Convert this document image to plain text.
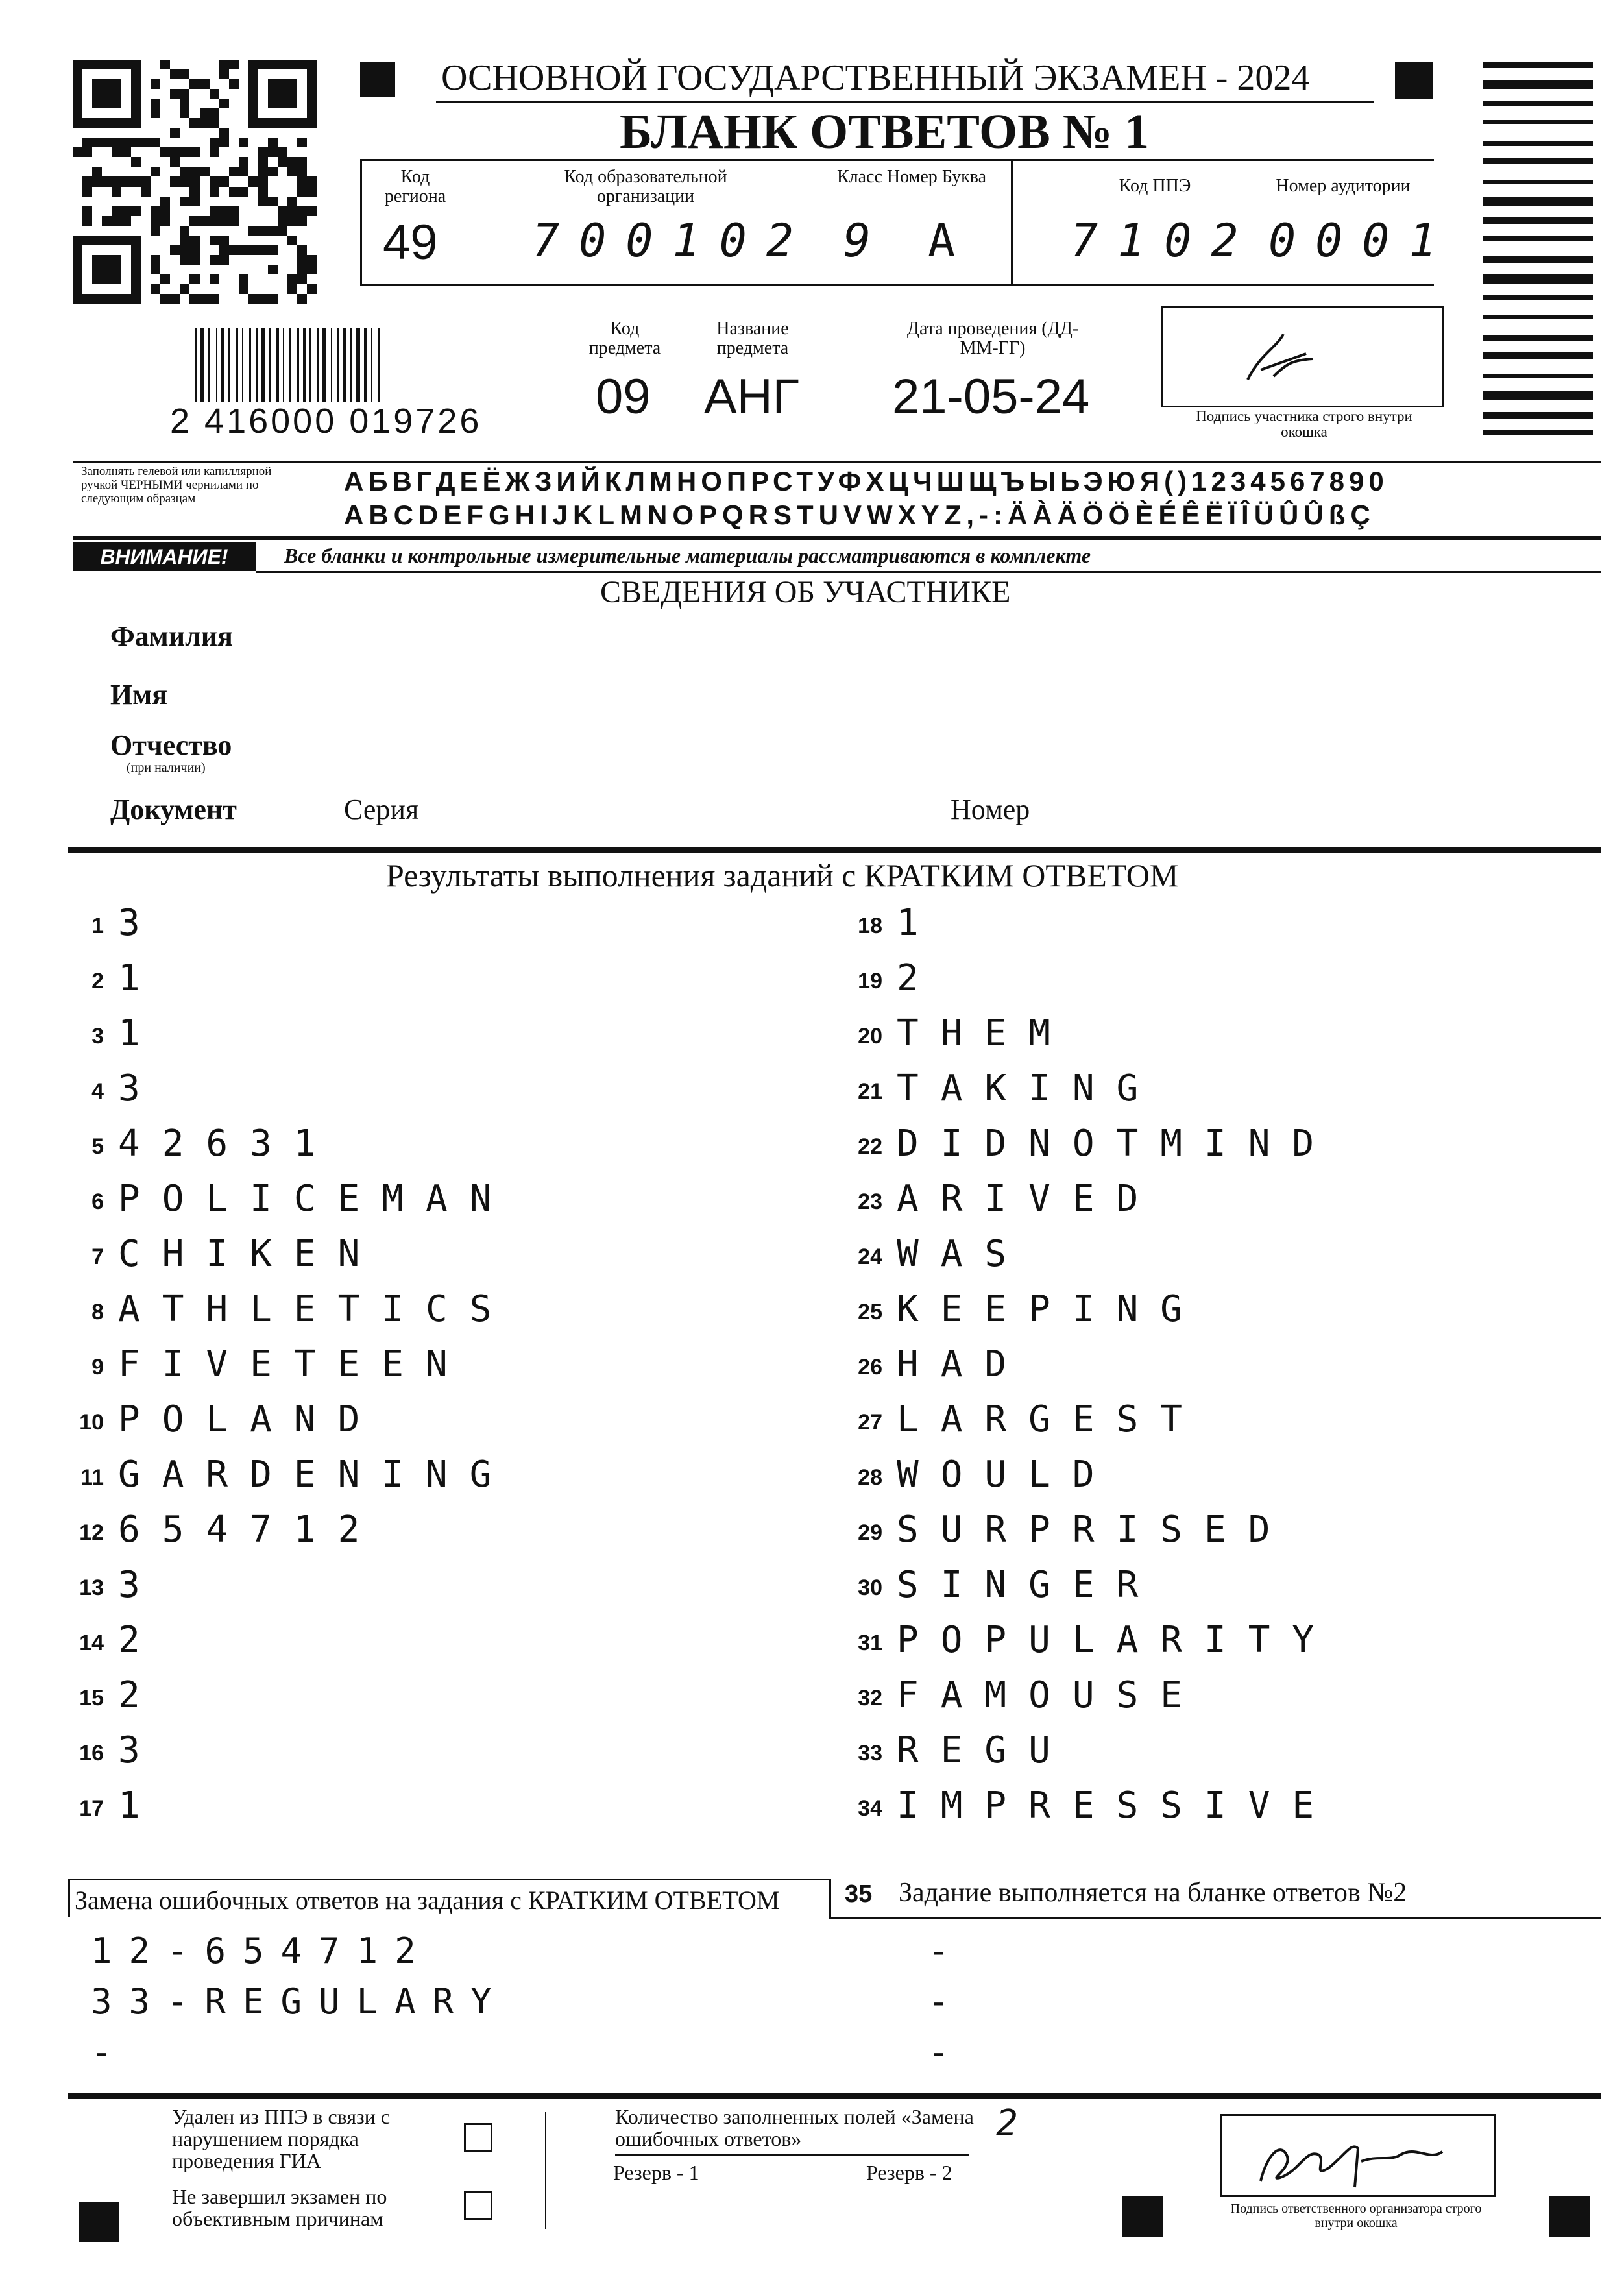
ОСНОВНОЙ ГОСУДАРСТВЕННЫЙ ЭКЗАМЕН - 2024
БЛАНК ОТВЕТОВ № 1
Код региона
Код образовательной организации
Класс Номер Буква	Код ППЭ	Номер аудитории
49 700102 9 А 7102 0001
2 416000 019726
Код предмета
Название предмета
Дата проведения (ДД-ММ-ГГ)
09 АНГ 21-05-24	Подпись участника строго внутри окошка
Заполнять гелевой или капиллярной ручкой ЧЕРНЫМИ чернилами по следующим образцам
АБВГДЕЁЖЗИЙКЛМНОПРСТУФХЦЧШЩЪЫЬЭЮЯ()1234567890
ABCDEFGHIJKLMNOPQRSTUVWXYZ,-:ÄÀÄÖÖÈÉÊËÏÎÜÛÛßÇ
ВНИМАНИЕ!	Все бланки и контрольные измерительные материалы рассматриваются в комплекте
СВЕДЕНИЯ ОБ УЧАСТНИКЕ
Фамилия
Имя
Отчество
(при наличии)
Документ	Серия	Номер
Результаты выполнения заданий с КРАТКИМ ОТВЕТОМ
1 3
2 1
3 1
4 3
5 42631
6 POLICEMAN
7 CHIKEN
8 ATHLETICS
9 FIVETEEN
10 POLAND
11 GARDENING
12 654712
13 3
14 2
15 2
16 3
17 1
18 1
19 2
20 THEM
21 TAKING
22 DIDNOTMIND
23 ARIVED
24 WAS
25 KEEPING
26 HAD
27 LARGEST
28 WOULD
29 SURPRISED
30 SINGER
31 POPULARITY
32 FAMOUSE
33 REGU
34 IMPRESSIVE
Замена ошибочных ответов на задания с КРАТКИМ ОТВЕТОМ	35 Задание выполняется на бланке ответов №2
12-654712
33-REGULARY
-
-
-
-
Удален из ППЭ в связи с нарушением порядка проведения ГИА
Не завершил экзамен по объективным причинам
Количество заполненных полей «Замена ошибочных ответов»	2
Резерв - 1	Резерв - 2
Подпись ответственного организатора строго внутри окошка
